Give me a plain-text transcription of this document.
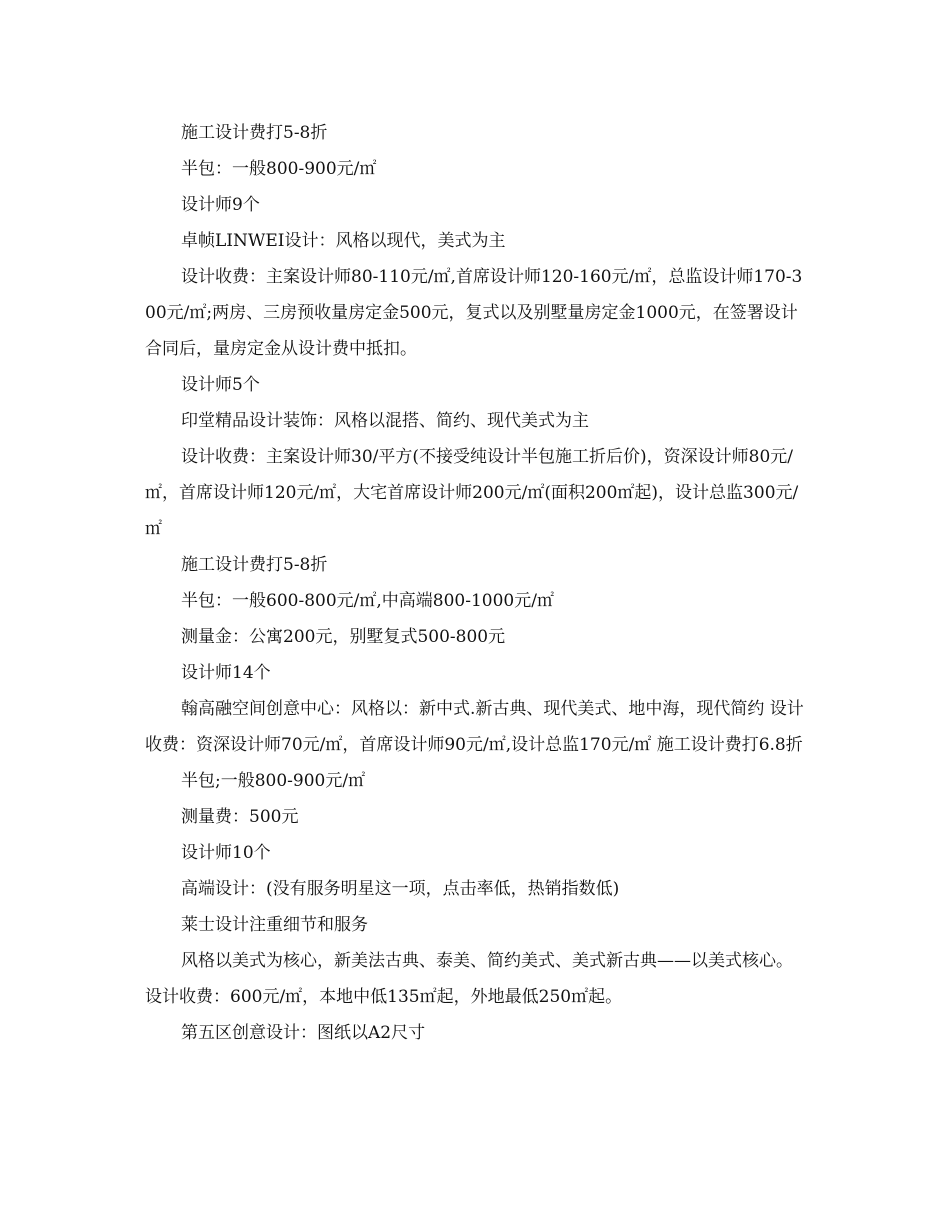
施工设计费打5-8折

半包：一般800-900元/㎡

设计师9个

卓帧LINWEI设计：风格以现代，美式为主

设计收费：主案设计师80-110元/㎡,首席设计师120-160元/㎡，总监设计师170-300元/㎡;两房、三房预收量房定金500元，复式以及别墅量房定金1000元，在签署设计合同后，量房定金从设计费中抵扣。

设计师5个

印堂精品设计装饰：风格以混搭、简约、现代美式为主

设计收费：主案设计师30/平方(不接受纯设计半包施工折后价)，资深设计师80元/㎡，首席设计师120元/㎡，大宅首席设计师200元/㎡(面积200㎡起)，设计总监300元/㎡

施工设计费打5-8折

半包：一般600-800元/㎡,中高端800-1000元/㎡

测量金：公寓200元，别墅复式500-800元

设计师14个

翰高融空间创意中心：风格以：新中式.新古典、现代美式、地中海，现代简约 设计收费：资深设计师70元/㎡，首席设计师90元/㎡,设计总监170元/㎡ 施工设计费打6.8折

半包;一般800-900元/㎡

测量费：500元

设计师10个

高端设计：(没有服务明星这一项，点击率低，热销指数低)

莱士设计注重细节和服务

风格以美式为核心，新美法古典、泰美、简约美式、美式新古典——以美式核心。 设计收费：600元/㎡，本地中低135㎡起，外地最低250㎡起。

第五区创意设计：图纸以A2尺寸
